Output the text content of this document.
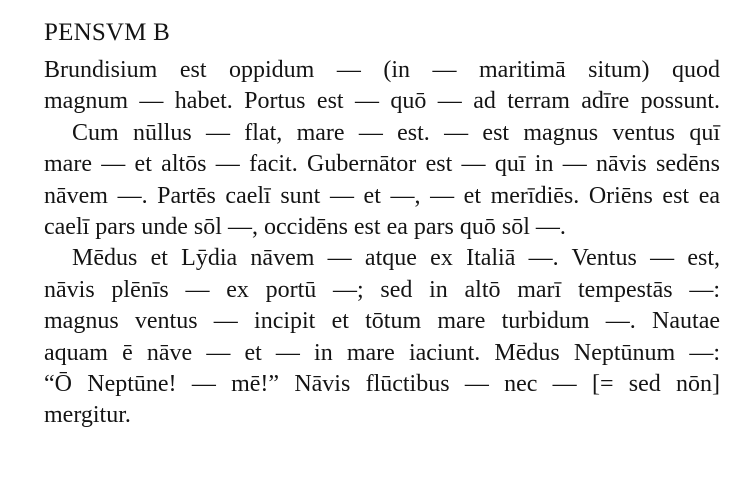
PENSVM B
Brundisium est oppidum — (in — maritimā situm) quod
magnum — habet. Portus est — quō — ad terram adīre possunt.
Cum nūllus — flat, mare — est. — est magnus ventus quī
mare — et altōs — facit. Gubernātor est — quī in — nāvis sedēns
nāvem —. Partēs caelī sunt — et —, — et merīdiēs. Oriēns est ea
caelī pars unde sōl —, occidēns est ea pars quō sōl —.
Mēdus et Lӯdia nāvem — atque ex Italiā —. Ventus — est,
nāvis plēnīs — ex portū —; sed in altō marī tempestās —:
magnus ventus — incipit et tōtum mare turbidum —. Nautae
aquam ē nāve — et — in mare iaciunt. Mēdus Neptūnum —:
“Ō Neptūne! — mē!” Nāvis flūctibus — nec — [= sed nōn]
mergitur.
